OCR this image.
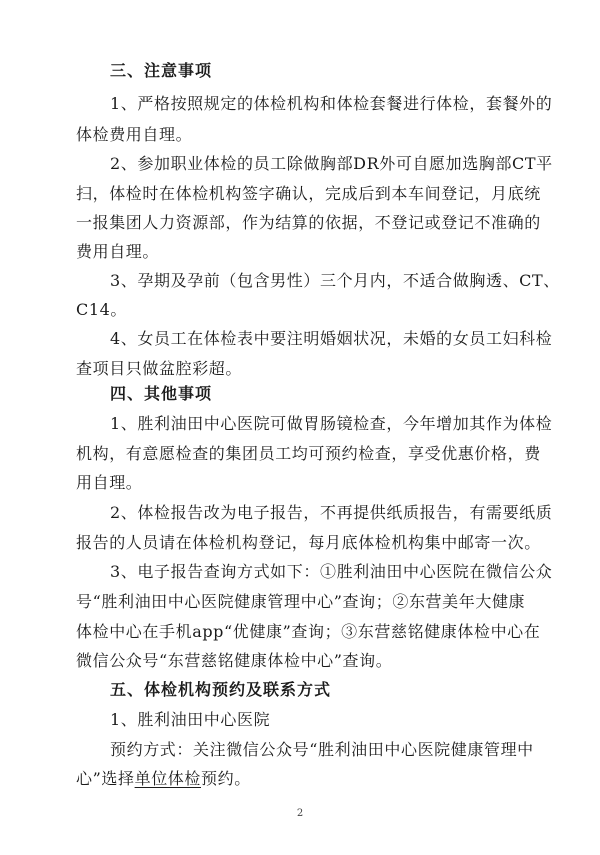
三、注意事项
1、严格按照规定的体检机构和体检套餐进行体检，套餐外的
体检费用自理。
2、参加职业体检的员工除做胸部DR外可自愿加选胸部CT平
扫，体检时在体检机构签字确认，完成后到本车间登记，月底统
一报集团人力资源部，作为结算的依据，不登记或登记不准确的
费用自理。
3、孕期及孕前（包含男性）三个月内，不适合做胸透、CT、
C14。
4、女员工在体检表中要注明婚姻状况，未婚的女员工妇科检
查项目只做盆腔彩超。
四、其他事项
1、胜利油田中心医院可做胃肠镜检查，今年增加其作为体检
机构，有意愿检查的集团员工均可预约检查，享受优惠价格，费
用自理。
2、体检报告改为电子报告，不再提供纸质报告，有需要纸质
报告的人员请在体检机构登记，每月底体检机构集中邮寄一次。
3、电子报告查询方式如下：①胜利油田中心医院在微信公众
号“胜利油田中心医院健康管理中心”查询；②东营美年大健康
体检中心在手机app“优健康”查询；③东营慈铭健康体检中心在
微信公众号“东营慈铭健康体检中心”查询。
五、体检机构预约及联系方式
1、胜利油田中心医院
预约方式：关注微信公众号“胜利油田中心医院健康管理中
心”选择单位体检预约。
2
